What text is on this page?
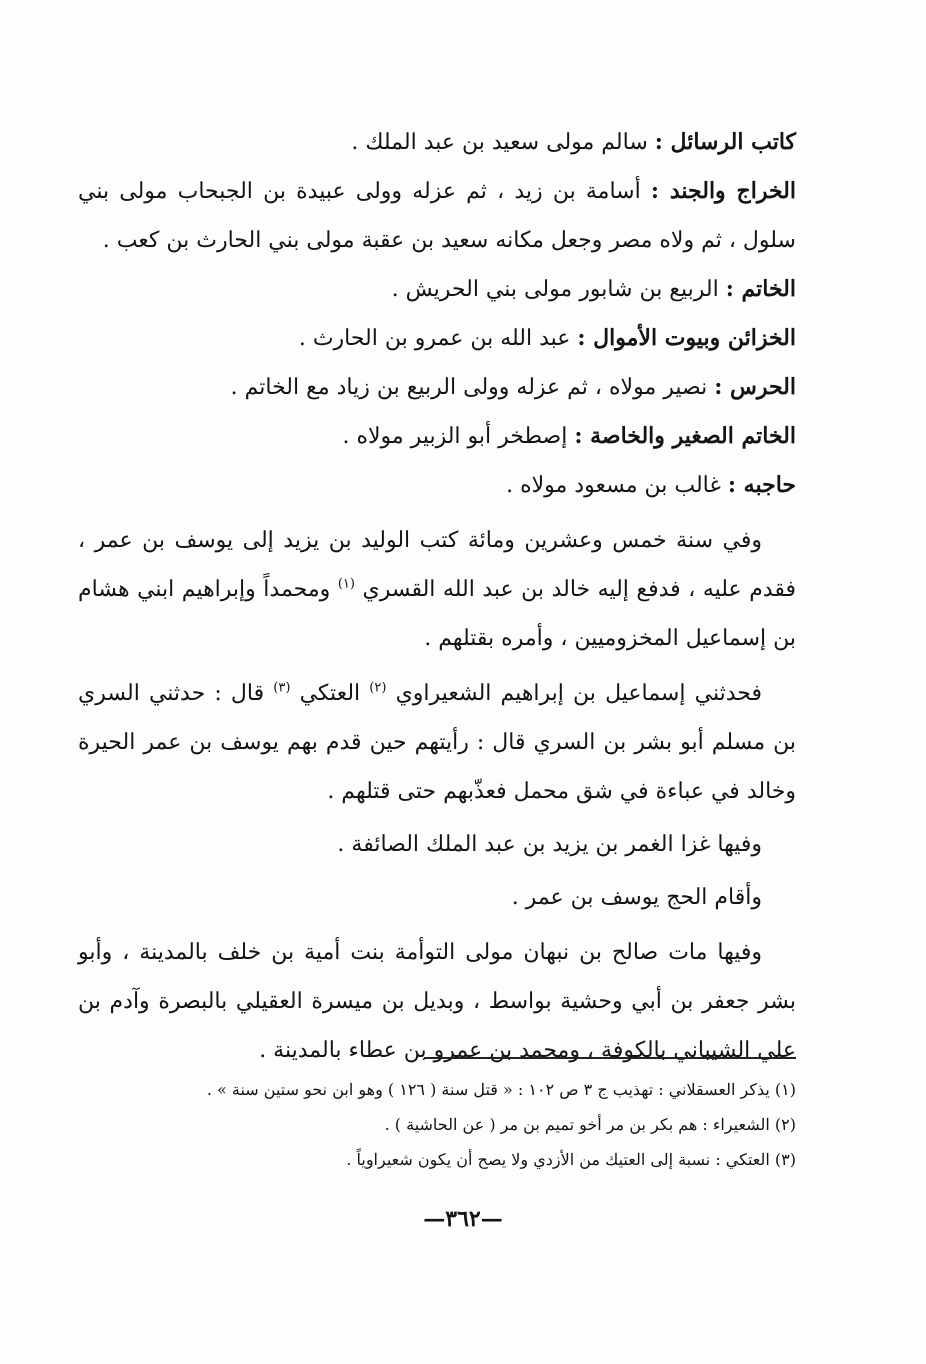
كاتب الرسائل : سالم مولى سعيد بن عبد الملك .

الخراج والجند : أسامة بن زيد ، ثم عزله وولى عبيدة بن الجبحاب مولى بني سلول ، ثم ولاه مصر وجعل مكانه سعيد بن عقبة مولى بني الحارث بن كعب .

الخاتم : الربيع بن شابور مولى بني الحريش .

الخزائن وبيوت الأموال : عبد الله بن عمرو بن الحارث .

الحرس : نصير مولاه ، ثم عزله وولى الربيع بن زياد مع الخاتم .

الخاتم الصغير والخاصة : إصطخر أبو الزبير مولاه .

حاجبه : غالب بن مسعود مولاه .

وفي سنة خمس وعشرين ومائة كتب الوليد بن يزيد إلى يوسف بن عمر ، فقدم عليه ، فدفع إليه خالد بن عبد الله القسري $^{(١)}$ ومحمداً وإبراهيم ابني هشام بن إسماعيل المخزوميين ، وأمره بقتلهم .

فحدثني إسماعيل بن إبراهيم الشعيراوي $^{(٢)}$ العتكي $^{(٣)}$ قال : حدثني السري بن مسلم أبو بشر بن السري قال : رأيتهم حين قدم بهم يوسف بن عمر الحيرة وخالد في عباءة في شق محمل فعذّبهم حتى قتلهم .

وفيها غزا الغمر بن يزيد بن عبد الملك الصائفة .

وأقام الحج يوسف بن عمر .

وفيها مات صالح بن نبهان مولى التوأمة بنت أمية بن خلف بالمدينة ، وأبو بشر جعفر بن أبي وحشية بواسط ، وبديل بن ميسرة العقيلي بالبصرة وآدم بن علي الشيباني بالكوفة ، ومحمد بن عمرو بن عطاء بالمدينة .

(١) يذكر العسقلاني : تهذيب ج ٣ ص ١٠٢ : « قتل سنة ( ١٢٦ ) وهو ابن نحو ستين سنة » .

(٢) الشعيراء : هم بكر بن مر أخو تميم بن مر ( عن الحاشية ) .

(٣) العتكي : نسبة إلى العتيك من الأزدي ولا يصح أن يكون شعيراوياً .

—٣٦٢—
